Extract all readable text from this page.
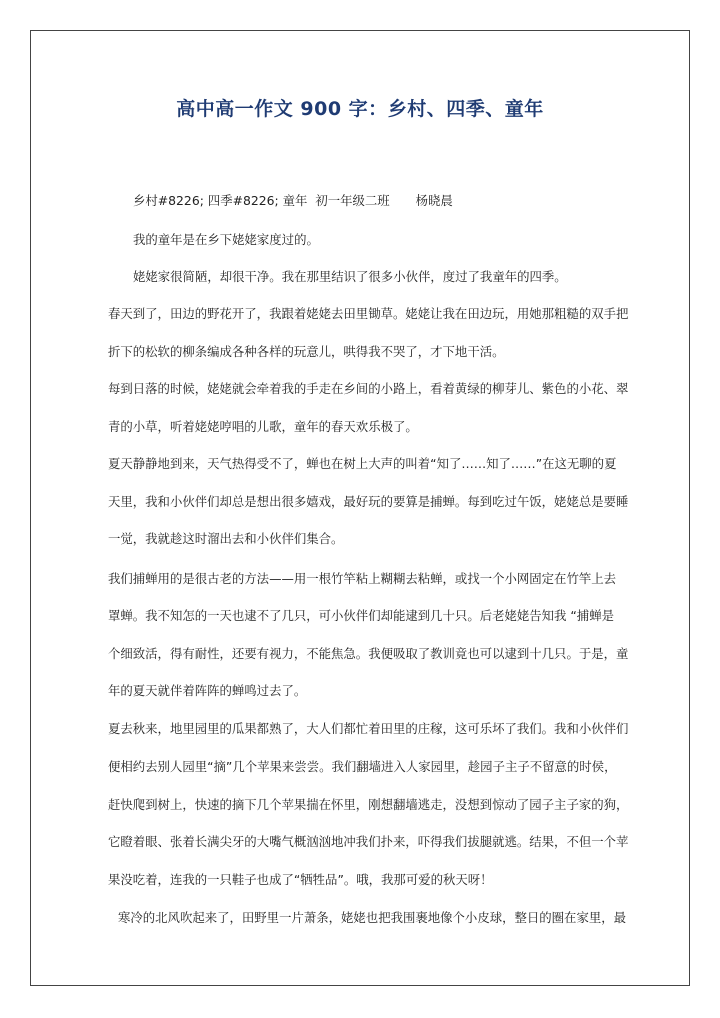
高中高一作文 900 字：乡村、四季、童年
乡村#8226; 四季#8226; 童年 初一年级二班 杨晓晨
我的童年是在乡下姥姥家度过的。
姥姥家很简陋，却很干净。我在那里结识了很多小伙伴，度过了我童年的四季。
春天到了，田边的野花开了，我跟着姥姥去田里锄草。姥姥让我在田边玩，用她那粗糙的双手把
折下的松软的柳条编成各种各样的玩意儿，哄得我不哭了，才下地干活。
每到日落的时候，姥姥就会牵着我的手走在乡间的小路上，看着黄绿的柳芽儿、紫色的小花、翠
青的小草，听着姥姥哼唱的儿歌，童年的春天欢乐极了。
夏天静静地到来，天气热得受不了，蝉也在树上大声的叫着“知了……知了……”在这无聊的夏
天里，我和小伙伴们却总是想出很多嬉戏，最好玩的要算是捕蝉。每到吃过午饭，姥姥总是要睡
一觉，我就趁这时溜出去和小伙伴们集合。
我们捕蝉用的是很古老的方法——用一根竹竿粘上糊糊去粘蝉，或找一个小网固定在竹竿上去
罩蝉。我不知怎的一天也逮不了几只，可小伙伴们却能逮到几十只。后老姥姥告知我 “捕蝉是
个细致活，得有耐性，还要有视力，不能焦急。我便吸取了教训竟也可以逮到十几只。于是，童
年的夏天就伴着阵阵的蝉鸣过去了。
夏去秋来，地里园里的瓜果都熟了，大人们都忙着田里的庄稼，这可乐坏了我们。我和小伙伴们
便相约去别人园里“摘”几个苹果来尝尝。我们翻墙进入人家园里，趁园子主子不留意的时侯，
赶快爬到树上，快速的摘下几个苹果揣在怀里，刚想翻墙逃走，没想到惊动了园子主子家的狗，
它瞪着眼、张着长满尖牙的大嘴气概汹汹地冲我们扑来，吓得我们拔腿就逃。结果，不但一个苹
果没吃着，连我的一只鞋子也成了“牺牲品”。哦，我那可爱的秋天呀！
寒冷的北风吹起来了，田野里一片萧条，姥姥也把我围裹地像个小皮球，整日的圈在家里，最
